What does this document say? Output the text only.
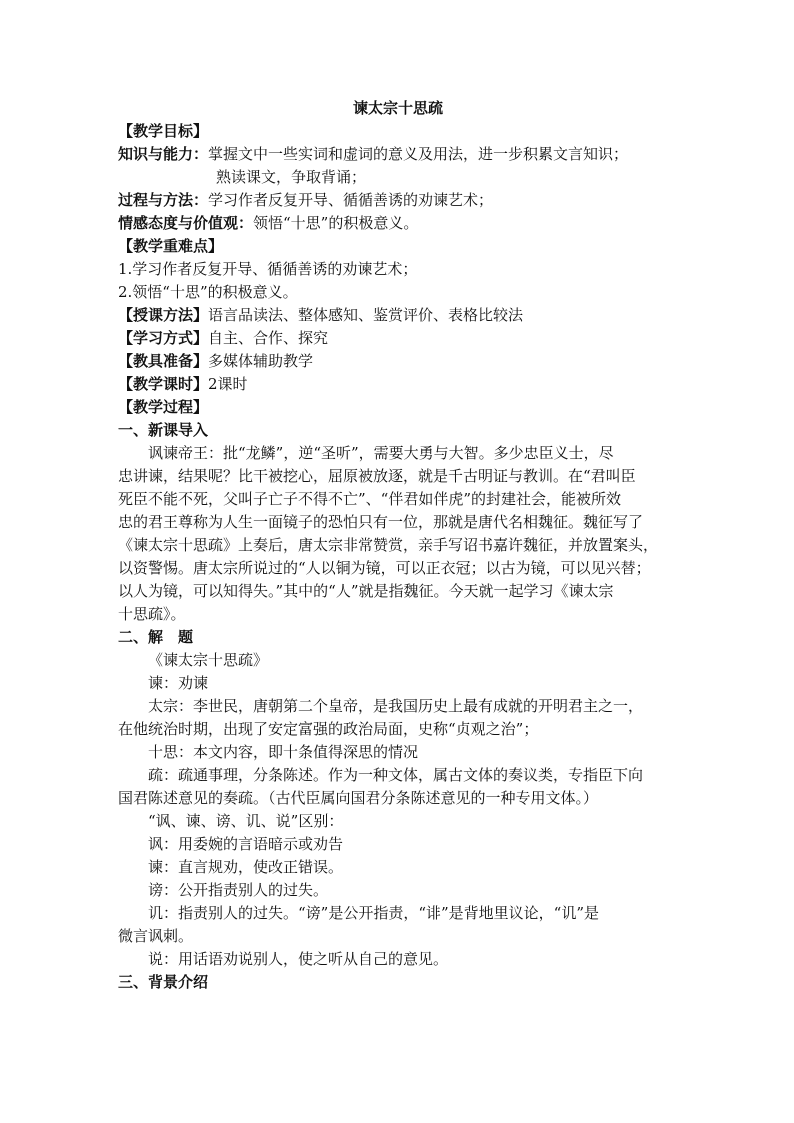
谏太宗十思疏
【教学目标】
知识与能力：掌握文中一些实词和虚词的意义及用法，进一步积累文言知识；
熟读课文，争取背诵；
过程与方法：学习作者反复开导、循循善诱的劝谏艺术；
情感态度与价值观：领悟“十思”的积极意义。
【教学重难点】
1.学习作者反复开导、循循善诱的劝谏艺术；
2.领悟“十思”的积极意义。
【授课方法】语言品读法、整体感知、鉴赏评价、表格比较法
【学习方式】自主、合作、探究
【教具准备】多媒体辅助教学
【教学课时】2课时
【教学过程】
一、新课导入
讽谏帝王：批“龙鳞”，逆“圣听”，需要大勇与大智。多少忠臣义士，尽
忠讲谏，结果呢？比干被挖心，屈原被放逐，就是千古明证与教训。在“君叫臣
死臣不能不死，父叫子亡子不得不亡”、“伴君如伴虎”的封建社会，能被所效
忠的君王尊称为人生一面镜子的恐怕只有一位，那就是唐代名相魏征。魏征写了
《谏太宗十思疏》上奏后，唐太宗非常赞赏，亲手写诏书嘉许魏征，并放置案头，
以资警惕。唐太宗所说过的“人以铜为镜，可以正衣冠；以古为镜，可以见兴替；
以人为镜，可以知得失。”其中的“人”就是指魏征。今天就一起学习《谏太宗
十思疏》。
二、解　题
《谏太宗十思疏》
谏：劝谏
太宗：李世民，唐朝第二个皇帝，是我国历史上最有成就的开明君主之一，
在他统治时期，出现了安定富强的政治局面，史称“贞观之治”；
十思：本文内容，即十条值得深思的情况
疏：疏通事理，分条陈述。作为一种文体，属古文体的奏议类，专指臣下向
国君陈述意见的奏疏。（古代臣属向国君分条陈述意见的一种专用文体。）
“讽、谏、谤、讥、说”区别：
讽：用委婉的言语暗示或劝告
谏：直言规劝，使改正错误。
谤：公开指责别人的过失。
讥：指责别人的过失。“谤”是公开指责，“诽”是背地里议论，“讥”是
微言讽刺。
说：用话语劝说别人，使之听从自己的意见。
三、背景介绍
